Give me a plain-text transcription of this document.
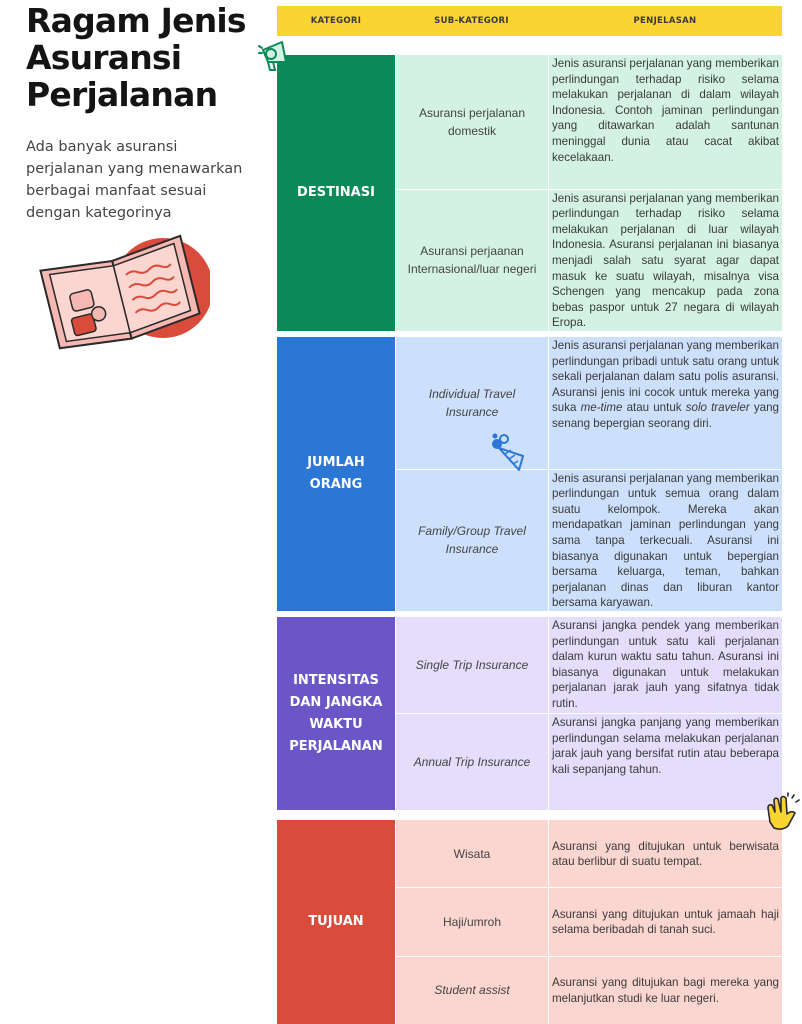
Ragam Jenis Asuransi Perjalanan

Ada banyak asuransi perjalanan yang menawarkan berbagai manfaat sesuai dengan kategorinya

KATEGORI	SUB-KATEGORI	PENJELASAN
DESTINASI
Asuransi perjalanan domestik
Jenis asuransi perjalanan yang memberikan perlindungan terhadap risiko selama melakukan perjalanan di dalam wilayah Indonesia. Contoh jaminan perlindungan yang ditawarkan adalah santunan meninggal dunia atau cacat akibat kecelakaan.
Asuransi perjaanan Internasional/luar negeri
Jenis asuransi perjalanan yang memberikan perlindungan terhadap risiko selama melakukan perjalanan di luar wilayah Indonesia. Asuransi perjalanan ini biasanya menjadi salah satu syarat agar dapat masuk ke suatu wilayah, misalnya visa Schengen yang mencakup pada zona bebas paspor untuk 27 negara di wilayah Eropa.
JUMLAH ORANG
Individual Travel Insurance
Jenis asuransi perjalanan yang memberikan perlindungan pribadi untuk satu orang untuk sekali perjalanan dalam satu polis asuransi. Asuransi jenis ini cocok untuk mereka yang suka me-time atau untuk solo traveler yang senang bepergian seorang diri.
Family/Group Travel Insurance
Jenis asuransi perjalanan yang memberikan perlindungan untuk semua orang dalam suatu kelompok. Mereka akan mendapatkan jaminan perlindungan yang sama tanpa terkecuali. Asuransi ini biasanya digunakan untuk bepergian bersama keluarga, teman, bahkan perjalanan dinas dan liburan kantor bersama karyawan.
INTENSITAS DAN JANGKA WAKTU PERJALANAN
Single Trip Insurance
Asuransi jangka pendek yang memberikan perlindungan untuk satu kali perjalanan dalam kurun waktu satu tahun. Asuransi ini biasanya digunakan untuk melakukan perjalanan jarak jauh yang sifatnya tidak rutin.
Annual Trip Insurance
Asuransi jangka panjang yang memberikan perlindungan selama melakukan perjalanan jarak jauh yang bersifat rutin atau beberapa kali sepanjang tahun.
TUJUAN
Wisata
Asuransi yang ditujukan untuk berwisata atau berlibur di suatu tempat.
Haji/umroh
Asuransi yang ditujukan untuk jamaah haji selama beribadah di tanah suci.
Student assist
Asuransi yang ditujukan bagi mereka yang melanjutkan studi ke luar negeri.
